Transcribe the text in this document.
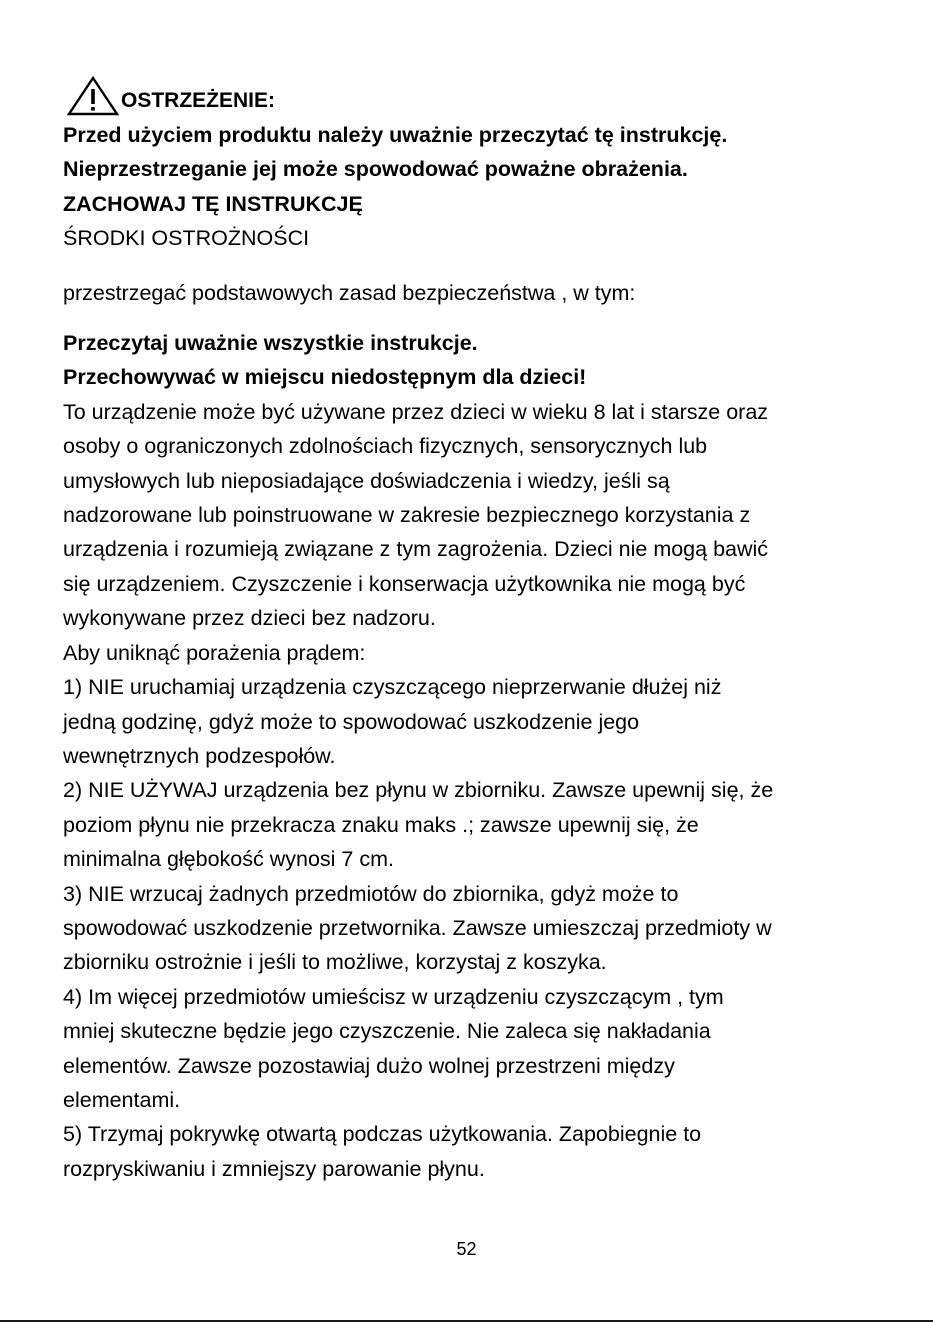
OSTRZEŻENIE:
Przed użyciem produktu należy uważnie przeczytać tę instrukcję.
Nieprzestrzeganie jej może spowodować poważne obrażenia.
ZACHOWAJ TĘ INSTRUKCJĘ
ŚRODKI OSTROŻNOŚCI
przestrzegać podstawowych zasad bezpieczeństwa , w tym:
Przeczytaj uważnie wszystkie instrukcje.
Przechowywać w miejscu niedostępnym dla dzieci!
To urządzenie może być używane przez dzieci w wieku 8 lat i starsze oraz
osoby o ograniczonych zdolnościach fizycznych, sensorycznych lub
umysłowych lub nieposiadające doświadczenia i wiedzy, jeśli są
nadzorowane lub poinstruowane w zakresie bezpiecznego korzystania z
urządzenia i rozumieją związane z tym zagrożenia. Dzieci nie mogą bawić
się urządzeniem. Czyszczenie i konserwacja użytkownika nie mogą być
wykonywane przez dzieci bez nadzoru.
Aby uniknąć porażenia prądem:
1) NIE uruchamiaj urządzenia czyszczącego nieprzerwanie dłużej niż
jedną godzinę, gdyż może to spowodować uszkodzenie jego
wewnętrznych podzespołów.
2) NIE UŻYWAJ urządzenia bez płynu w zbiorniku. Zawsze upewnij się, że
poziom płynu nie przekracza znaku maks .; zawsze upewnij się, że
minimalna głębokość wynosi 7 cm.
3) NIE wrzucaj żadnych przedmiotów do zbiornika, gdyż może to
spowodować uszkodzenie przetwornika. Zawsze umieszczaj przedmioty w
zbiorniku ostrożnie i jeśli to możliwe, korzystaj z koszyka.
4) Im więcej przedmiotów umieścisz w urządzeniu czyszczącym , tym
mniej skuteczne będzie jego czyszczenie. Nie zaleca się nakładania
elementów. Zawsze pozostawiaj dużo wolnej przestrzeni między
elementami.
5) Trzymaj pokrywkę otwartą podczas użytkowania. Zapobiegnie to
rozpryskiwaniu i zmniejszy parowanie płynu.
52
